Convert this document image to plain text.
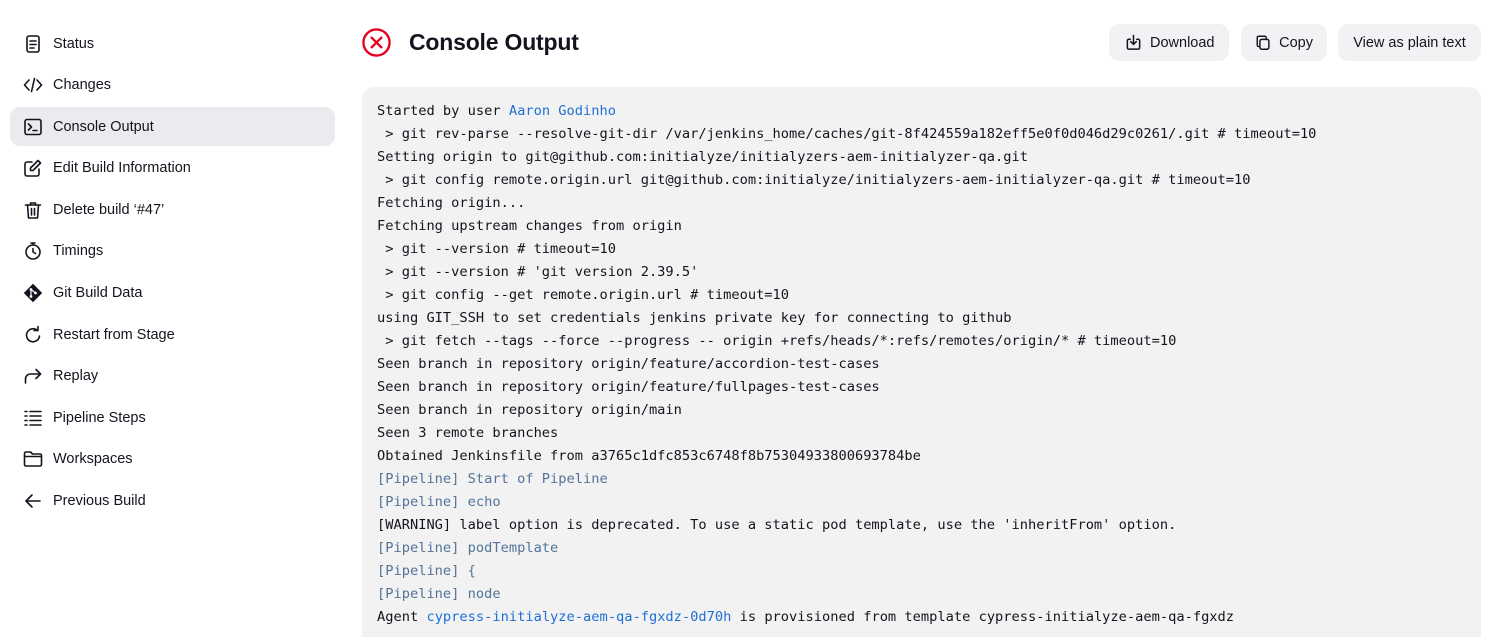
Status
Changes
Console Output
Edit Build Information
Delete build ‘#47’
Timings
Git Build Data
Restart from Stage
Replay
Pipeline Steps
Workspaces
Previous Build
Console Output	Download	Copy	View as plain text
Started by user Aaron Godinho
> git rev-parse --resolve-git-dir /var/jenkins_home/caches/git-8f424559a182eff5e0f0d046d29c0261/.git # timeout=10
Setting origin to git@github.com:initialyze/initialyzers-aem-initialyzer-qa.git
> git config remote.origin.url git@github.com:initialyze/initialyzers-aem-initialyzer-qa.git # timeout=10
Fetching origin...
Fetching upstream changes from origin
> git --version # timeout=10
> git --version # 'git version 2.39.5'
> git config --get remote.origin.url # timeout=10
using GIT_SSH to set credentials jenkins private key for connecting to github
> git fetch --tags --force --progress -- origin +refs/heads/*:refs/remotes/origin/* # timeout=10
Seen branch in repository origin/feature/accordion-test-cases
Seen branch in repository origin/feature/fullpages-test-cases
Seen branch in repository origin/main
Seen 3 remote branches
Obtained Jenkinsfile from a3765c1dfc853c6748f8b75304933800693784be
[Pipeline] Start of Pipeline
[Pipeline] echo
[WARNING] label option is deprecated. To use a static pod template, use the 'inheritFrom' option.
[Pipeline] podTemplate
[Pipeline] {
[Pipeline] node
Agent cypress-initialyze-aem-qa-fgxdz-0d70h is provisioned from template cypress-initialyze-aem-qa-fgxdz
